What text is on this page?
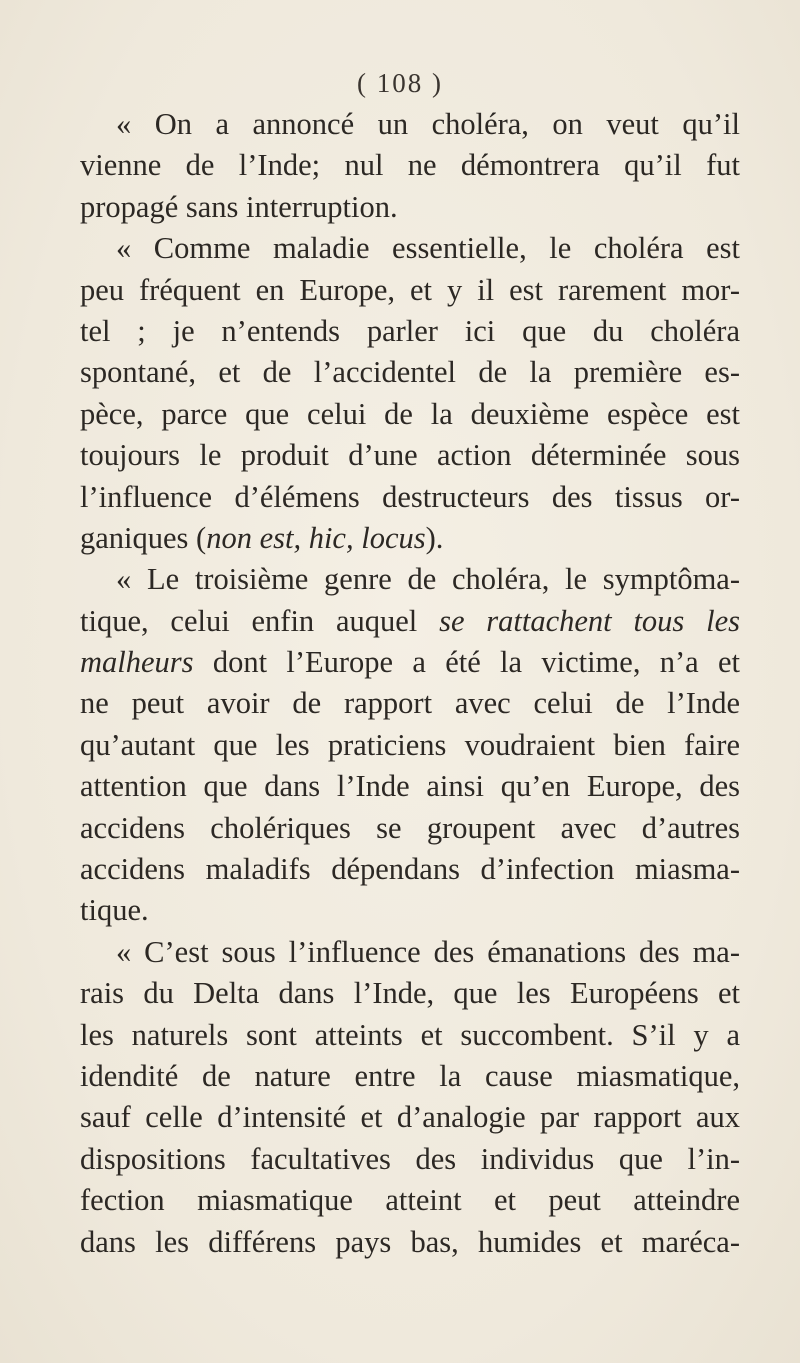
( 108 )
« On a annoncé un choléra, on veut qu’il
vienne de l’Inde; nul ne démontrera qu’il fut
propagé sans interruption.
« Comme maladie essentielle, le choléra est
peu fréquent en Europe, et y il est rarement mor-
tel ; je n’entends parler ici que du choléra
spontané, et de l’accidentel de la première es-
pèce, parce que celui de la deuxième espèce est
toujours le produit d’une action déterminée sous
l’influence d’élémens destructeurs des tissus or-
ganiques (non est, hic, locus).
« Le troisième genre de choléra, le symptôma-
tique, celui enfin auquel se rattachent tous les
malheurs dont l’Europe a été la victime, n’a et
ne peut avoir de rapport avec celui de l’Inde
qu’autant que les praticiens voudraient bien faire
attention que dans l’Inde ainsi qu’en Europe, des
accidens cholériques se groupent avec d’autres
accidens maladifs dépendans d’infection miasma-
tique.
« C’est sous l’influence des émanations des ma-
rais du Delta dans l’Inde, que les Européens et
les naturels sont atteints et succombent. S’il y a
idendité de nature entre la cause miasmatique,
sauf celle d’intensité et d’analogie par rapport aux
dispositions facultatives des individus que l’in-
fection miasmatique atteint et peut atteindre
dans les différens pays bas, humides et maréca-
